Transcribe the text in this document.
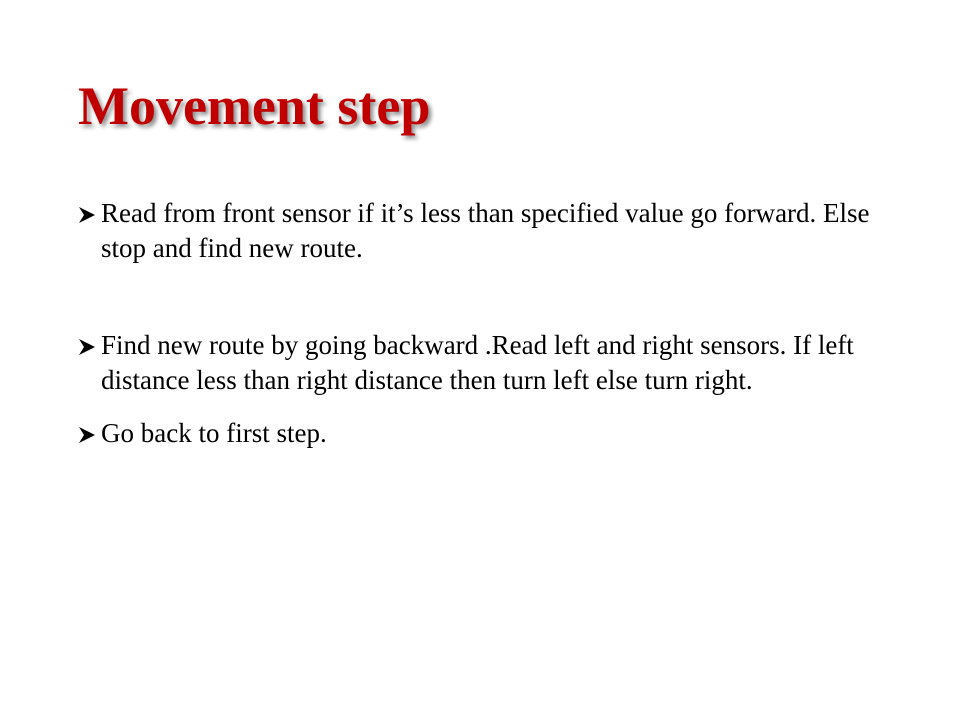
Movement step
Read from front sensor if it’s less than specified value go forward. Else stop and find new route.
Find new route by going backward .Read left and right sensors. If left distance less than right distance then turn left else turn right.
Go back to first step.
